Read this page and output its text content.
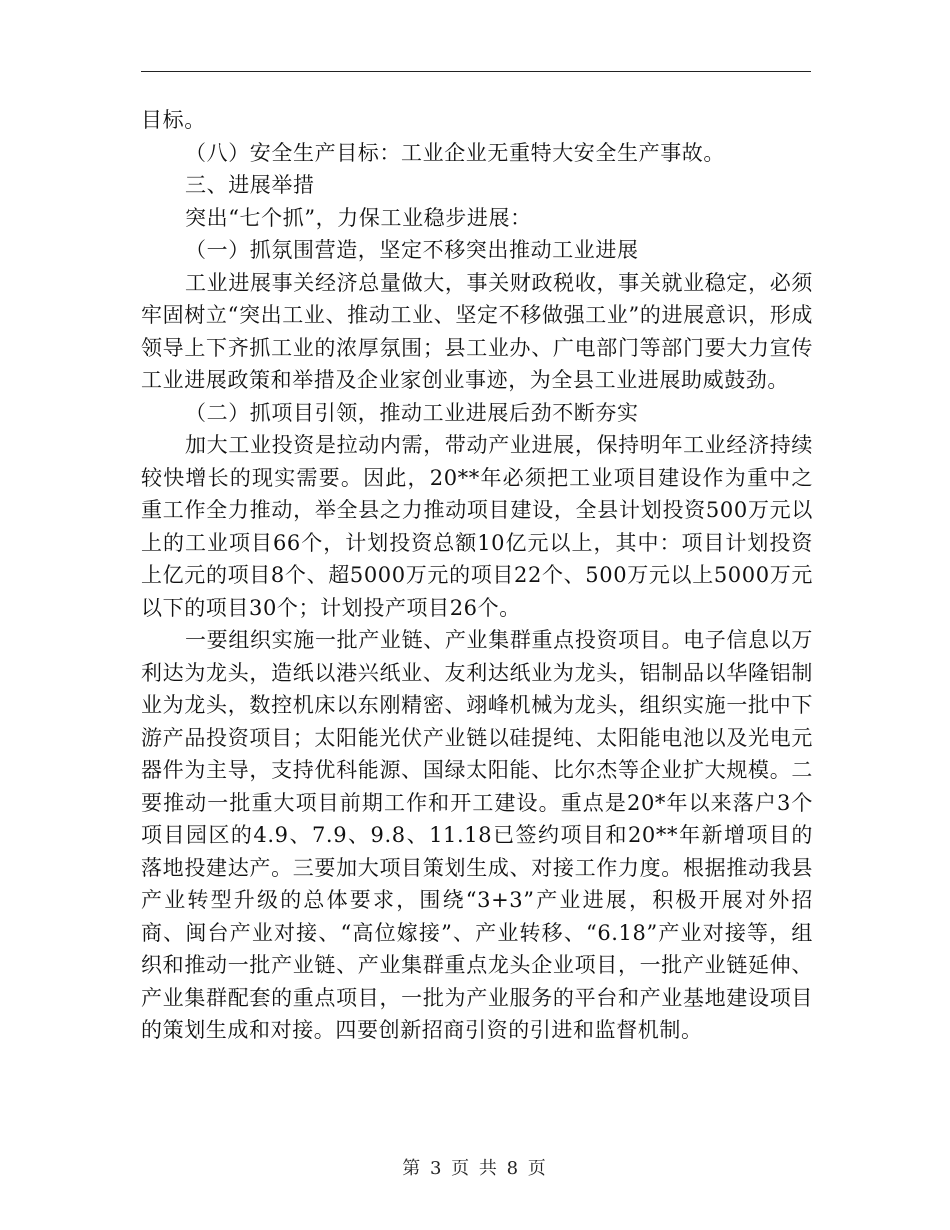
目标。

（八）安全生产目标：工业企业无重特大安全生产事故。

三、进展举措

突出“七个抓”，力保工业稳步进展：

（一）抓氛围营造，坚定不移突出推动工业进展

工业进展事关经济总量做大，事关财政税收，事关就业稳定，必须牢固树立“突出工业、推动工业、坚定不移做强工业”的进展意识，形成领导上下齐抓工业的浓厚氛围；县工业办、广电部门等部门要大力宣传工业进展政策和举措及企业家创业事迹，为全县工业进展助威鼓劲。

（二）抓项目引领，推动工业进展后劲不断夯实

加大工业投资是拉动内需，带动产业进展，保持明年工业经济持续较快增长的现实需要。因此，20**年必须把工业项目建设作为重中之重工作全力推动，举全县之力推动项目建设，全县计划投资500万元以上的工业项目66个，计划投资总额10亿元以上，其中：项目计划投资上亿元的项目8个、超5000万元的项目22个、500万元以上5000万元以下的项目30个；计划投产项目26个。

一要组织实施一批产业链、产业集群重点投资项目。电子信息以万利达为龙头，造纸以港兴纸业、友利达纸业为龙头，铝制品以华隆铝制业为龙头，数控机床以东刚精密、翊峰机械为龙头，组织实施一批中下游产品投资项目；太阳能光伏产业链以硅提纯、太阳能电池以及光电元器件为主导，支持优科能源、国绿太阳能、比尔杰等企业扩大规模。二要推动一批重大项目前期工作和开工建设。重点是20*年以来落户3个项目园区的4.9、7.9、9.8、11.18已签约项目和20**年新增项目的落地投建达产。三要加大项目策划生成、对接工作力度。根据推动我县产业转型升级的总体要求，围绕“3+3”产业进展，积极开展对外招商、闽台产业对接、“高位嫁接”、产业转移、“6.18”产业对接等，组织和推动一批产业链、产业集群重点龙头企业项目，一批产业链延伸、产业集群配套的重点项目，一批为产业服务的平台和产业基地建设项目的策划生成和对接。四要创新招商引资的引进和监督机制。

第 3 页 共 8 页
